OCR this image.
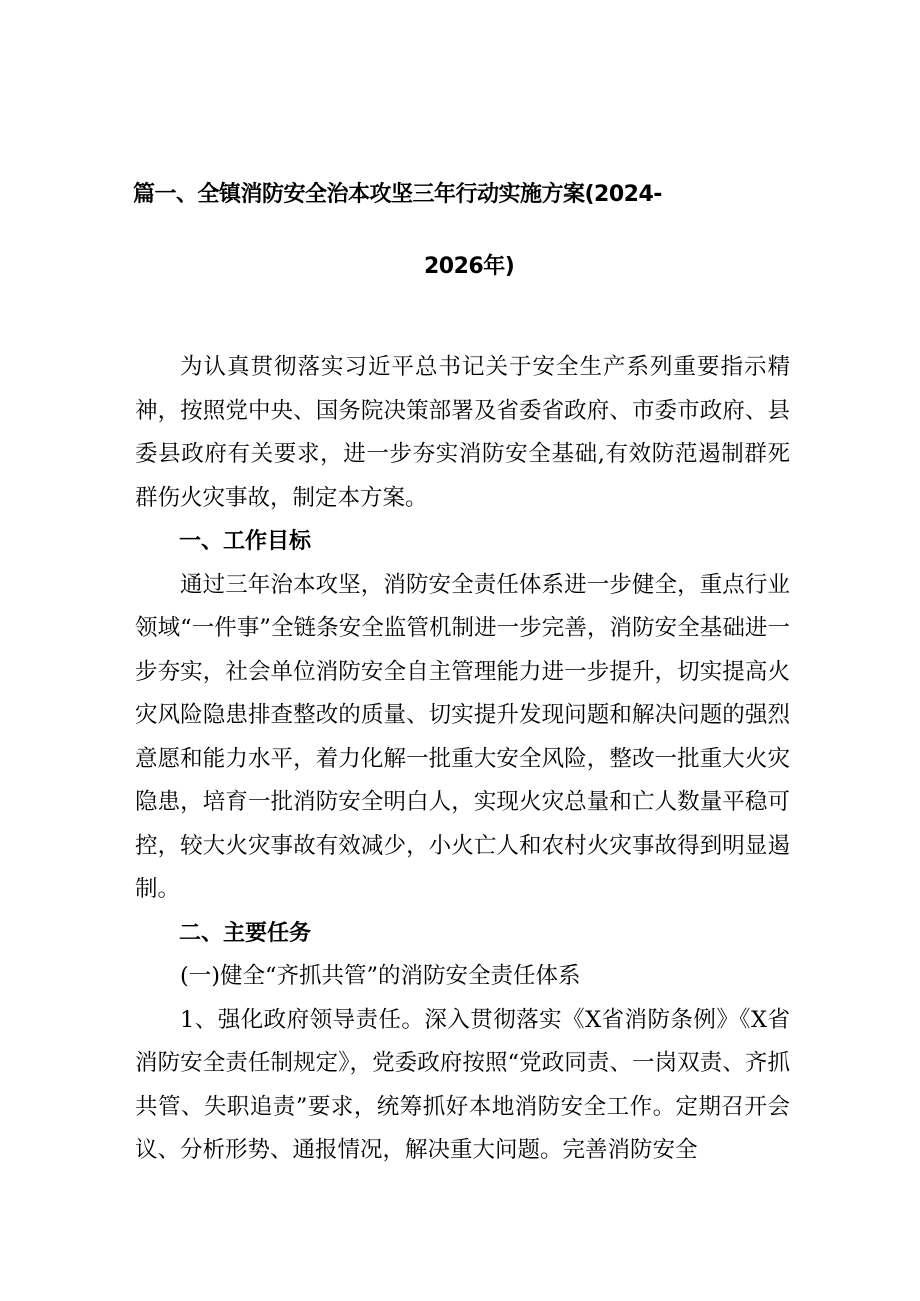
篇一、全镇消防安全治本攻坚三年行动实施方案(2024-
2026年)

为认真贯彻落实习近平总书记关于安全生产系列重要指示精神，按照党中央、国务院决策部署及省委省政府、市委市政府、县委县政府有关要求，进一步夯实消防安全基础,有效防范遏制群死群伤火灾事故，制定本方案。

一、工作目标

通过三年治本攻坚，消防安全责任体系进一步健全，重点行业领域“一件事”全链条安全监管机制进一步完善，消防安全基础进一步夯实，社会单位消防安全自主管理能力进一步提升，切实提高火灾风险隐患排查整改的质量、切实提升发现问题和解决问题的强烈意愿和能力水平，着力化解一批重大安全风险，整改一批重大火灾隐患，培育一批消防安全明白人，实现火灾总量和亡人数量平稳可控，较大火灾事故有效减少，小火亡人和农村火灾事故得到明显遏制。

二、主要任务

(一)健全“齐抓共管”的消防安全责任体系

1、强化政府领导责任。深入贯彻落实《X省消防条例》《X省消防安全责任制规定》，党委政府按照“党政同责、一岗双责、齐抓共管、失职追责”要求，统筹抓好本地消防安全工作。定期召开会议、分析形势、通报情况，解决重大问题。完善消防安全
